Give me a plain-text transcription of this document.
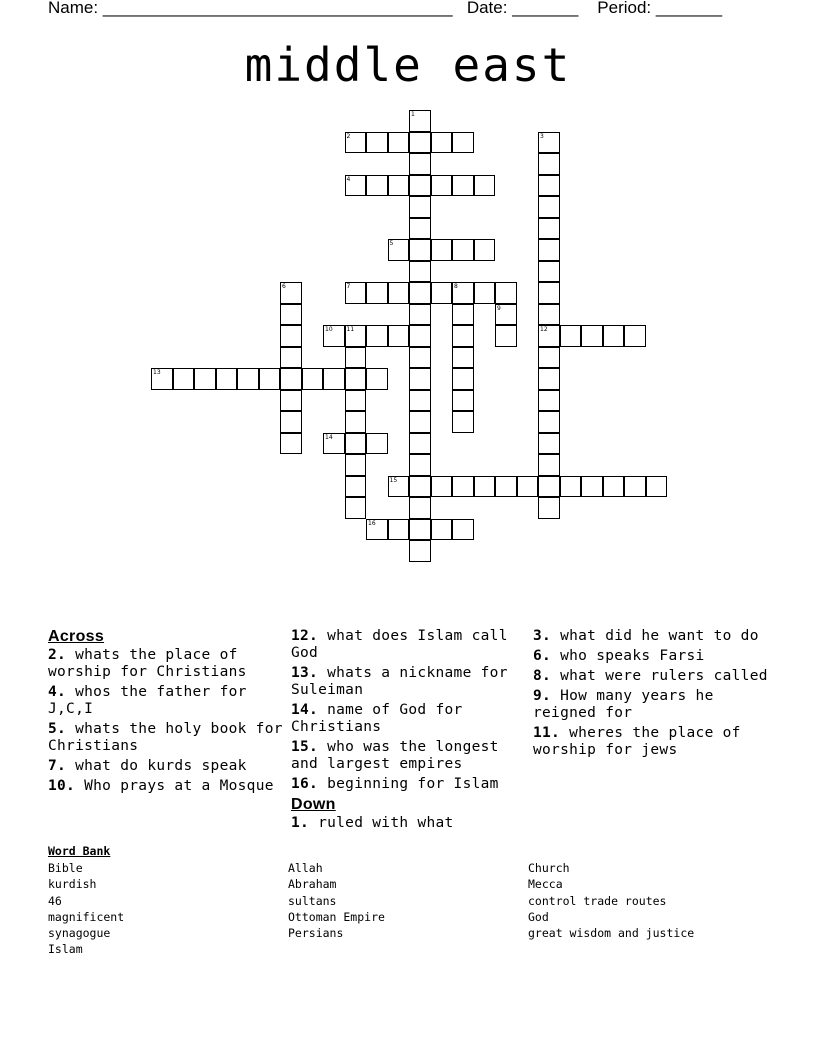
Name: _____________________________________ Date: _______ Period: _______
middle east
1
2	3
12
4
5
6	7	8
9
10 11
13
14
15
16
Across
2. whats the place of worship for Christians
4. whos the father for J,C,I
5. whats the holy book for Christians
7. what do kurds speak
10. Who prays at a Mosque
12. what does Islam call God
13. whats a nickname for Suleiman
14. name of God for Christians
15. who was the longest and largest empires
16. beginning for Islam
Down
1. ruled with what
3. what did he want to do
6. who speaks Farsi
8. what were rulers called
9. How many years he reigned for
11. wheres the place of worship for jews
Word Bank
Bible
kurdish
46
magnificent
synagogue
Islam
Allah
Abraham
sultans
Ottoman Empire
Persians
Church
Mecca
control trade routes
God
great wisdom and justice
